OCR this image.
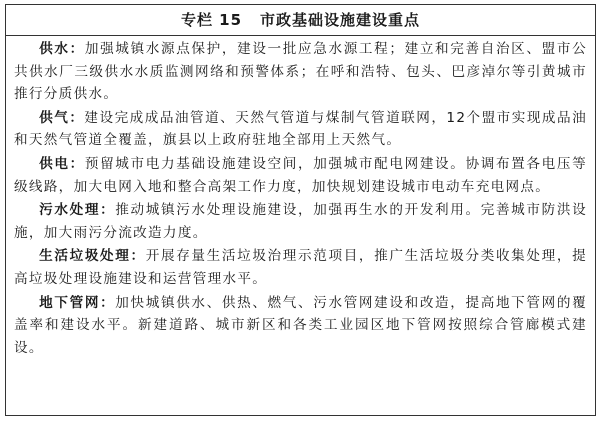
专栏 15 市政基础设施建设重点

供水：加强城镇水源点保护，建设一批应急水源工程；建立和完善自治区、盟市公共供水厂三级供水水质监测网络和预警体系；在呼和浩特、包头、巴彦淖尔等引黄城市推行分质供水。

供气：建设完成成品油管道、天然气管道与煤制气管道联网，12个盟市实现成品油和天然气管道全覆盖，旗县以上政府驻地全部用上天然气。

供电：预留城市电力基础设施建设空间，加强城市配电网建设。协调布置各电压等级线路，加大电网入地和整合高架工作力度，加快规划建设城市电动车充电网点。

污水处理：推动城镇污水处理设施建设，加强再生水的开发利用。完善城市防洪设施，加大雨污分流改造力度。

生活垃圾处理：开展存量生活垃圾治理示范项目，推广生活垃圾分类收集处理，提高垃圾处理设施建设和运营管理水平。

地下管网：加快城镇供水、供热、燃气、污水管网建设和改造，提高地下管网的覆盖率和建设水平。新建道路、城市新区和各类工业园区地下管网按照综合管廊模式建设。
